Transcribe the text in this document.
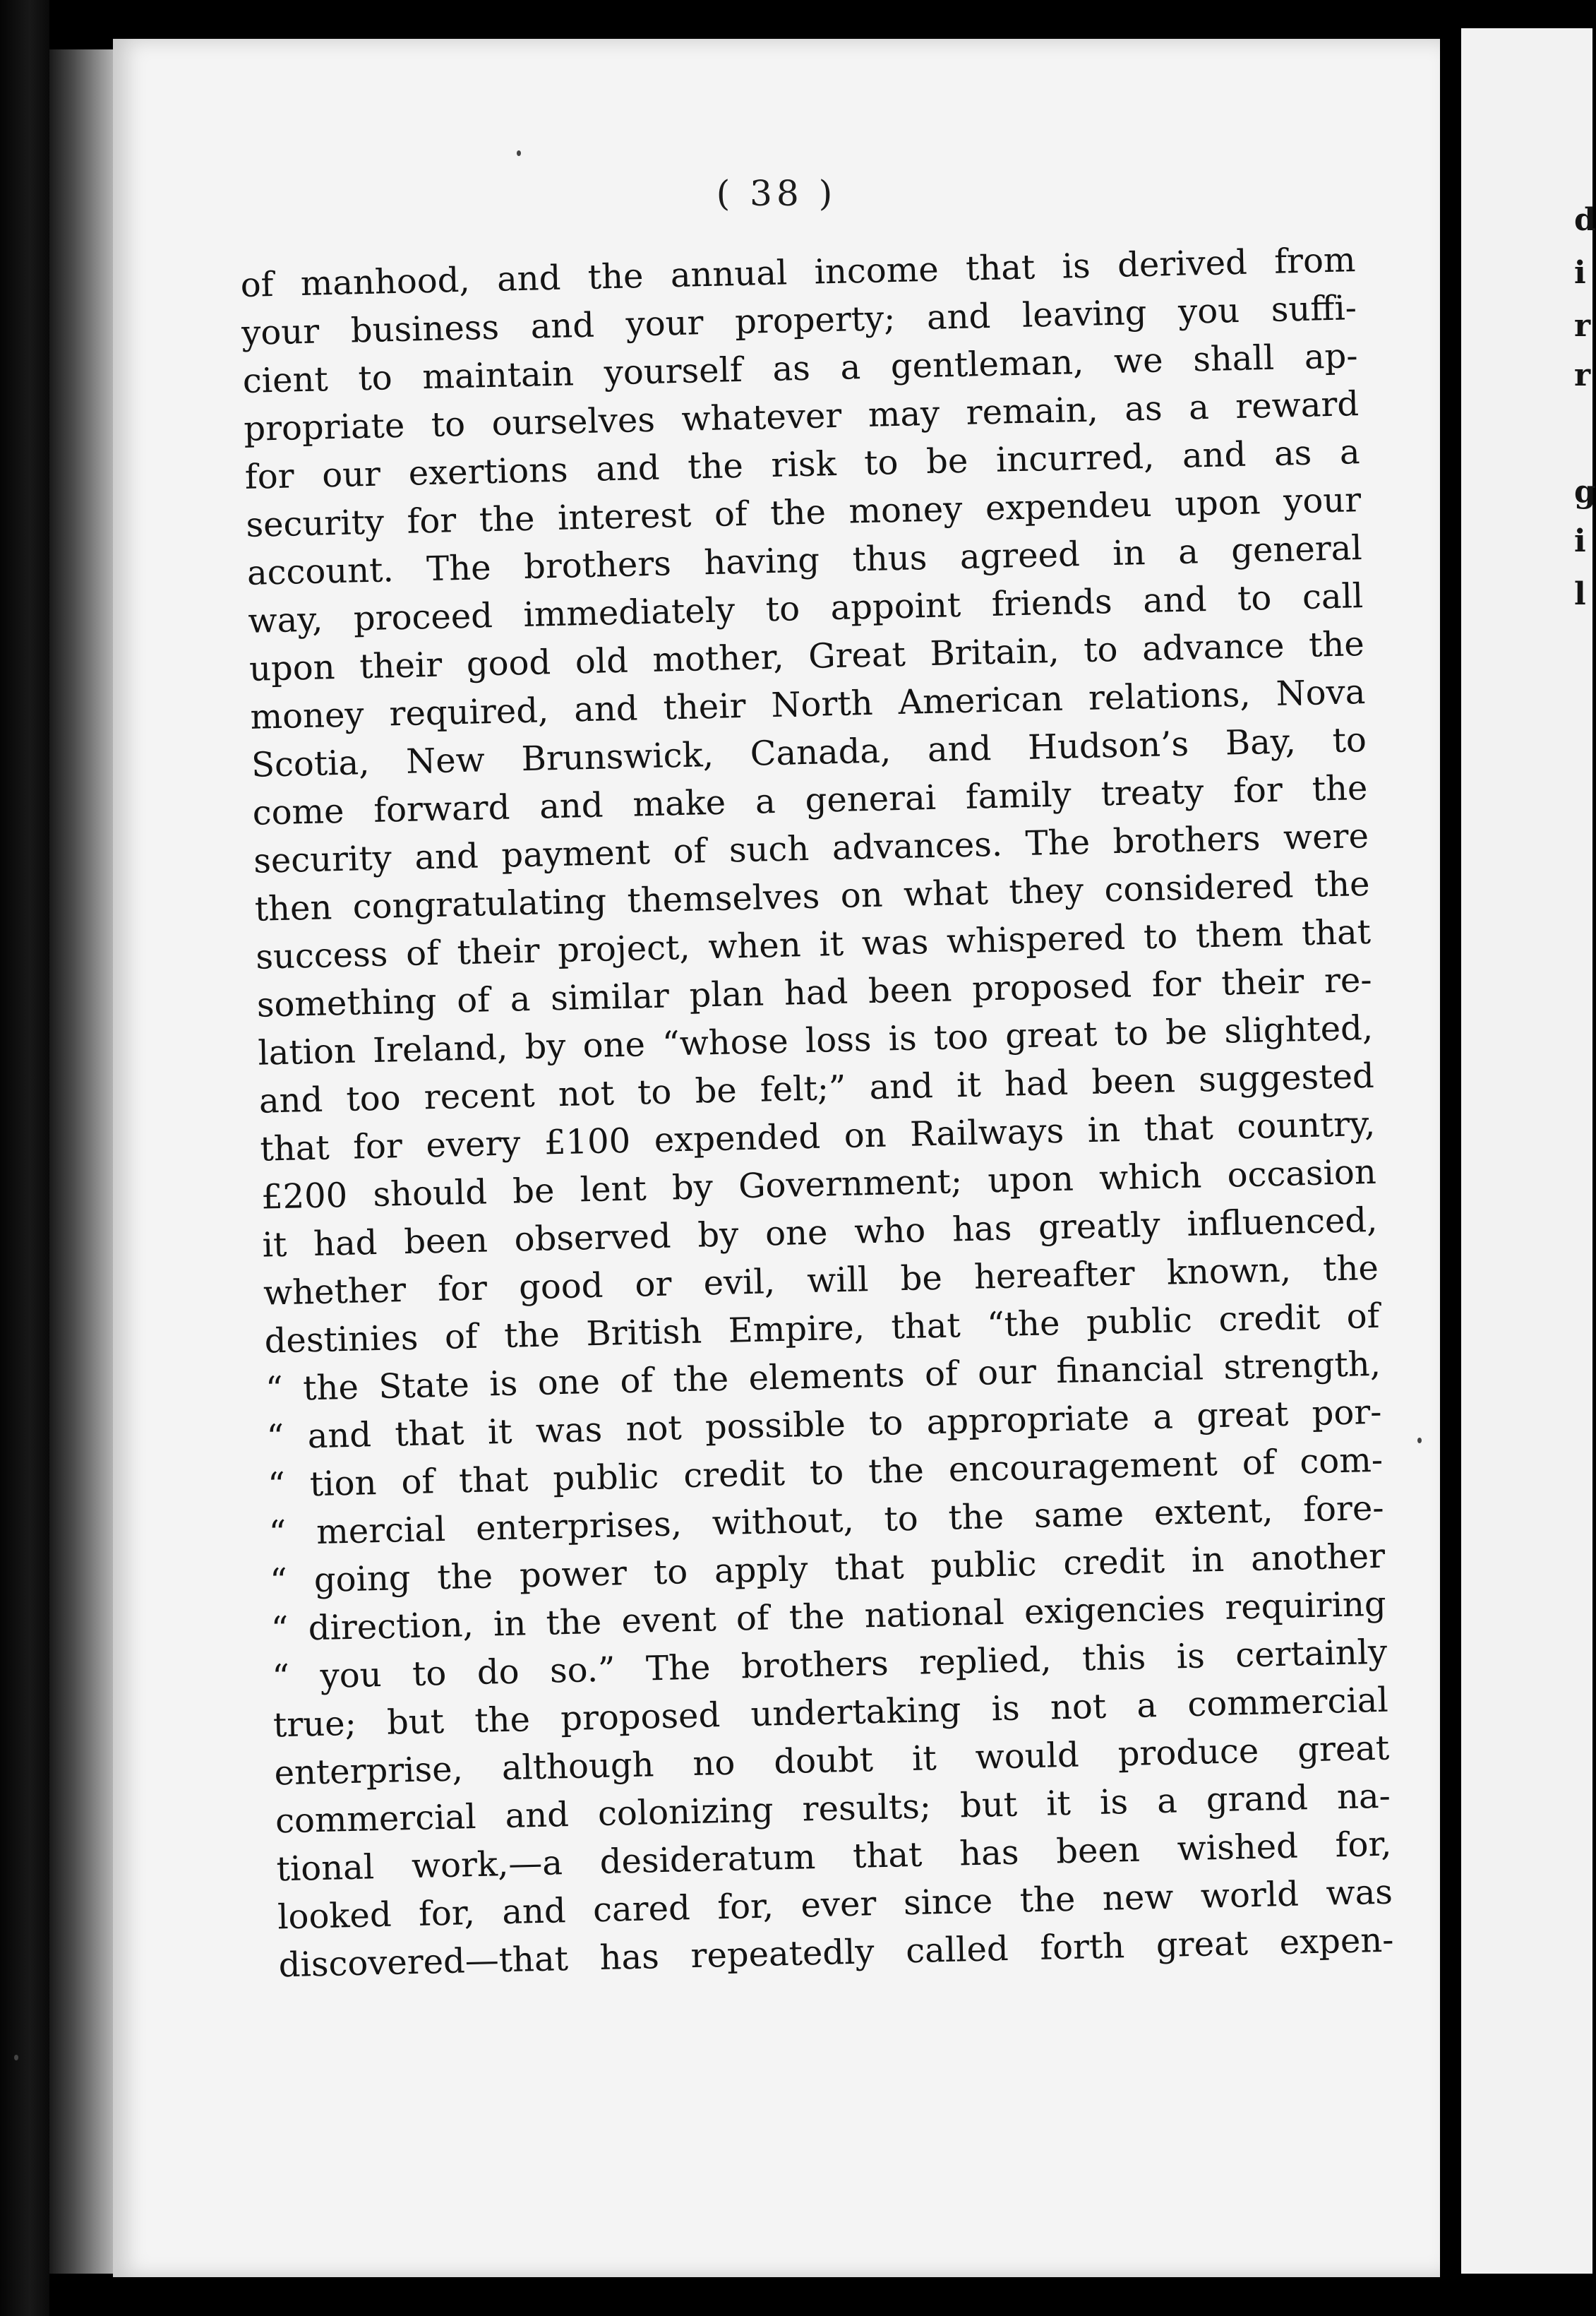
( 38 )
of manhood, and the annual income that is derived from
your business and your property; and leaving you suffi-
cient to maintain yourself as a gentleman, we shall ap-
propriate to ourselves whatever may remain, as a reward
for our exertions and the risk to be incurred, and as a
security for the interest of the money expendeu upon your
account. The brothers having thus agreed in a general
way, proceed immediately to appoint friends and to call
upon their good old mother, Great Britain, to advance the
money required, and their North American relations, Nova
Scotia, New Brunswick, Canada, and Hudson’s Bay, to
come forward and make a generai family treaty for the
security and payment of such advances. The brothers were
then congratulating themselves on what they considered the
success of their project, when it was whispered to them that
something of a similar plan had been proposed for their re-
lation Ireland, by one “whose loss is too great to be slighted,
and too recent not to be felt;” and it had been suggested
that for every £100 expended on Railways in that country,
£200 should be lent by Government; upon which occasion
it had been observed by one who has greatly influenced,
whether for good or evil, will be hereafter known, the
destinies of the British Empire, that “the public credit of
“ the State is one of the elements of our financial strength,
“ and that it was not possible to appropriate a great por-
“ tion of that public credit to the encouragement of com-
“ mercial enterprises, without, to the same extent, fore-
“ going the power to apply that public credit in another
“ direction, in the event of the national exigencies requiring
“ you to do so.” The brothers replied, this is certainly
true; but the proposed undertaking is not a commercial
enterprise, although no doubt it would produce great
commercial and colonizing results; but it is a grand na-
tional work,—a desideratum that has been wished for,
looked for, and cared for, ever since the new world was
discovered—that has repeatedly called forth great expen-
d
i
r
r
g
i
l
